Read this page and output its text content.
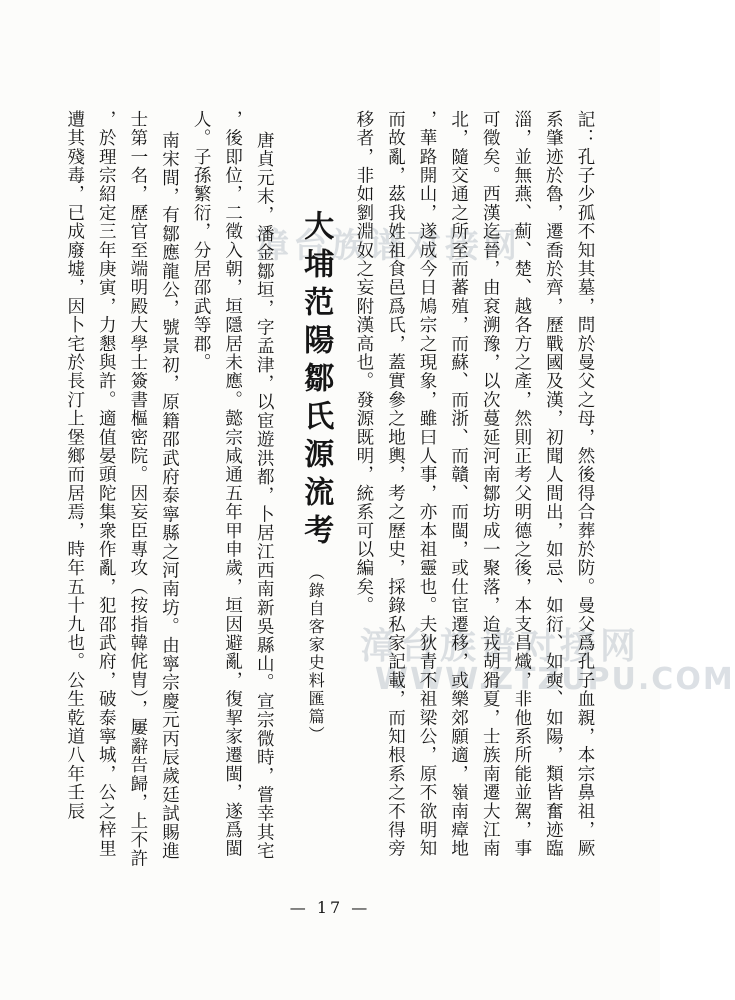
漳台族谱对接网
漳台族谱对接网
WWW.ZTZUPU.COM

記：孔子少孤不知其墓，問於曼父之母，然後得合葬於防。曼父爲孔子血親，本宗鼻祖，厥系肇迹於魯，遷喬於齊，歷戰國及漢，初聞人間出，如忌、如衍、如奭、如陽，類皆奮迹臨淄，並無燕、薊、楚、越各方之產，然則正考父明德之後，本支昌熾，非他系所能並駕，事可徵矣。西漢迄晉，由袞溯豫，以次蔓延河南鄒坊成一聚落，迨戎胡猾夏，士族南遷大江南北，隨交通之所至而蕃殖，而蘇、而浙、而贛、而閩，或仕宦遷移，或樂郊願適，嶺南瘴地，華路開山，遂成今日鳩宗之現象，雖曰人事，亦本祖靈也。夫狄青不祖梁公，原不欲明知而故亂，茲我姓祖食邑爲氏，蓋實參之地輿，考之歷史，採錄私家記載，而知根系之不得旁移者，非如劉淵奴之妄附漢高也。發源既明，統系可以編矣。

大埔范陽鄒氏源流考（錄自客家史料匯篇）

唐貞元末，潘金鄒垣，字孟津，以宦遊洪都，卜居江西南新吳縣山。宣宗微時，嘗幸其宅，後即位，二徵入朝，垣隱居未應。懿宗咸通五年甲申歲，垣因避亂，復挈家遷閩，遂爲閩人。子孫繁衍，分居邵武等郡。

南宋間，有鄒應龍公，號景初，原籍邵武府泰寧縣之河南坊。由寧宗慶元丙辰歲廷試賜進士第一名，歷官至端明殿大學士簽書樞密院。因妄臣專攻（按指韓侂胄），屢辭告歸，上不許，於理宗紹定三年庚寅，力懇與許。適值晏頭陀集衆作亂，犯邵武府，破泰寧城，公之梓里遭其殘毒，已成廢墟，因卜宅於長汀上堡鄉而居焉，時年五十九也。公生乾道八年壬辰

— 17 —
